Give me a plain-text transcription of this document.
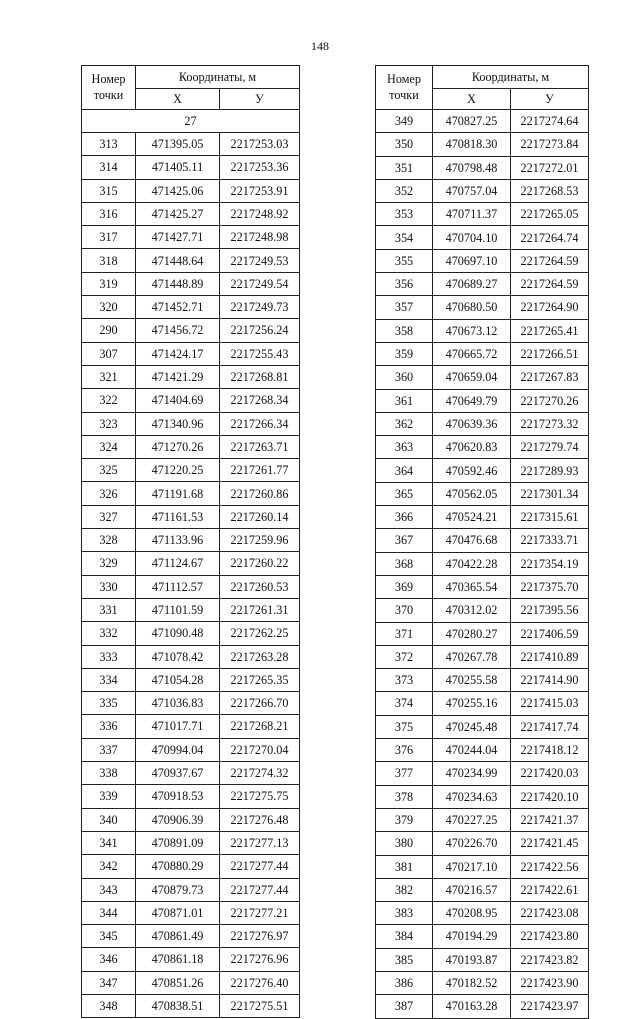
148
Номер
точки	Координаты, м	
	X	У
27		
313	471395.05	2217253.03
314	471405.11	2217253.36
315	471425.06	2217253.91
316	471425.27	2217248.92
317	471427.71	2217248.98
318	471448.64	2217249.53
319	471448.89	2217249.54
320	471452.71	2217249.73
290	471456.72	2217256.24
307	471424.17	2217255.43
321	471421.29	2217268.81
322	471404.69	2217268.34
323	471340.96	2217266.34
324	471270.26	2217263.71
325	471220.25	2217261.77
326	471191.68	2217260.86
327	471161.53	2217260.14
328	471133.96	2217259.96
329	471124.67	2217260.22
330	471112.57	2217260.53
331	471101.59	2217261.31
332	471090.48	2217262.25
333	471078.42	2217263.28
334	471054.28	2217265.35
335	471036.83	2217266.70
336	471017.71	2217268.21
337	470994.04	2217270.04
338	470937.67	2217274.32
339	470918.53	2217275.75
340	470906.39	2217276.48
341	470891.09	2217277.13
342	470880.29	2217277.44
343	470879.73	2217277.44
344	470871.01	2217277.21
345	470861.49	2217276.97
346	470861.18	2217276.96
347	470851.26	2217276.40
348	470838.51	2217275.51
Номер
точки	Координаты, м	
	X	У
349	470827.25	2217274.64
350	470818.30	2217273.84
351	470798.48	2217272.01
352	470757.04	2217268.53
353	470711.37	2217265.05
354	470704.10	2217264.74
355	470697.10	2217264.59
356	470689.27	2217264.59
357	470680.50	2217264.90
358	470673.12	2217265.41
359	470665.72	2217266.51
360	470659.04	2217267.83
361	470649.79	2217270.26
362	470639.36	2217273.32
363	470620.83	2217279.74
364	470592.46	2217289.93
365	470562.05	2217301.34
366	470524.21	2217315.61
367	470476.68	2217333.71
368	470422.28	2217354.19
369	470365.54	2217375.70
370	470312.02	2217395.56
371	470280.27	2217406.59
372	470267.78	2217410.89
373	470255.58	2217414.90
374	470255.16	2217415.03
375	470245.48	2217417.74
376	470244.04	2217418.12
377	470234.99	2217420.03
378	470234.63	2217420.10
379	470227.25	2217421.37
380	470226.70	2217421.45
381	470217.10	2217422.56
382	470216.57	2217422.61
383	470208.95	2217423.08
384	470194.29	2217423.80
385	470193.87	2217423.82
386	470182.52	2217423.90
387	470163.28	2217423.97
